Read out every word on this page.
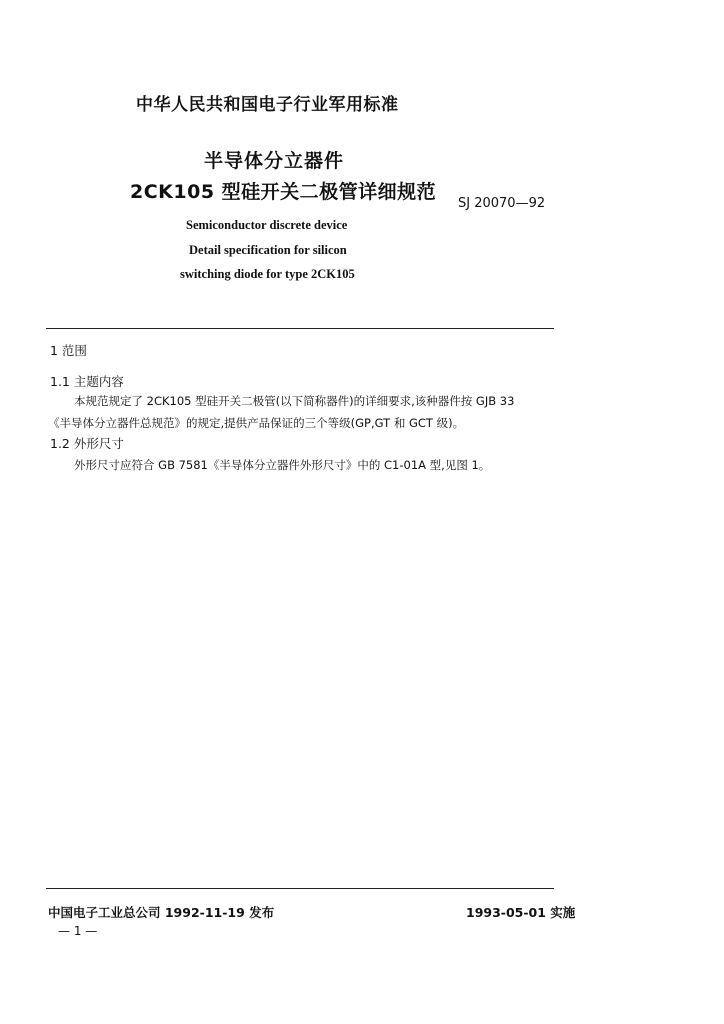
中华人民共和国电子行业军用标准
半导体分立器件
2CK105 型硅开关二极管详细规范
SJ 20070—92
Semiconductor discrete device
Detail specification for silicon
switching diode for type 2CK105
1 范围
1.1 主题内容
本规范规定了 2CK105 型硅开关二极管(以下简称器件)的详细要求,该种器件按 GJB 33
《半导体分立器件总规范》的规定,提供产品保证的三个等级(GP,GT 和 GCT 级)。
1.2 外形尺寸
外形尺寸应符合 GB 7581《半导体分立器件外形尺寸》中的 C1-01A 型,见图 1。
中国电子工业总公司 1992-11-19 发布	1993-05-01 实施
— 1 —
